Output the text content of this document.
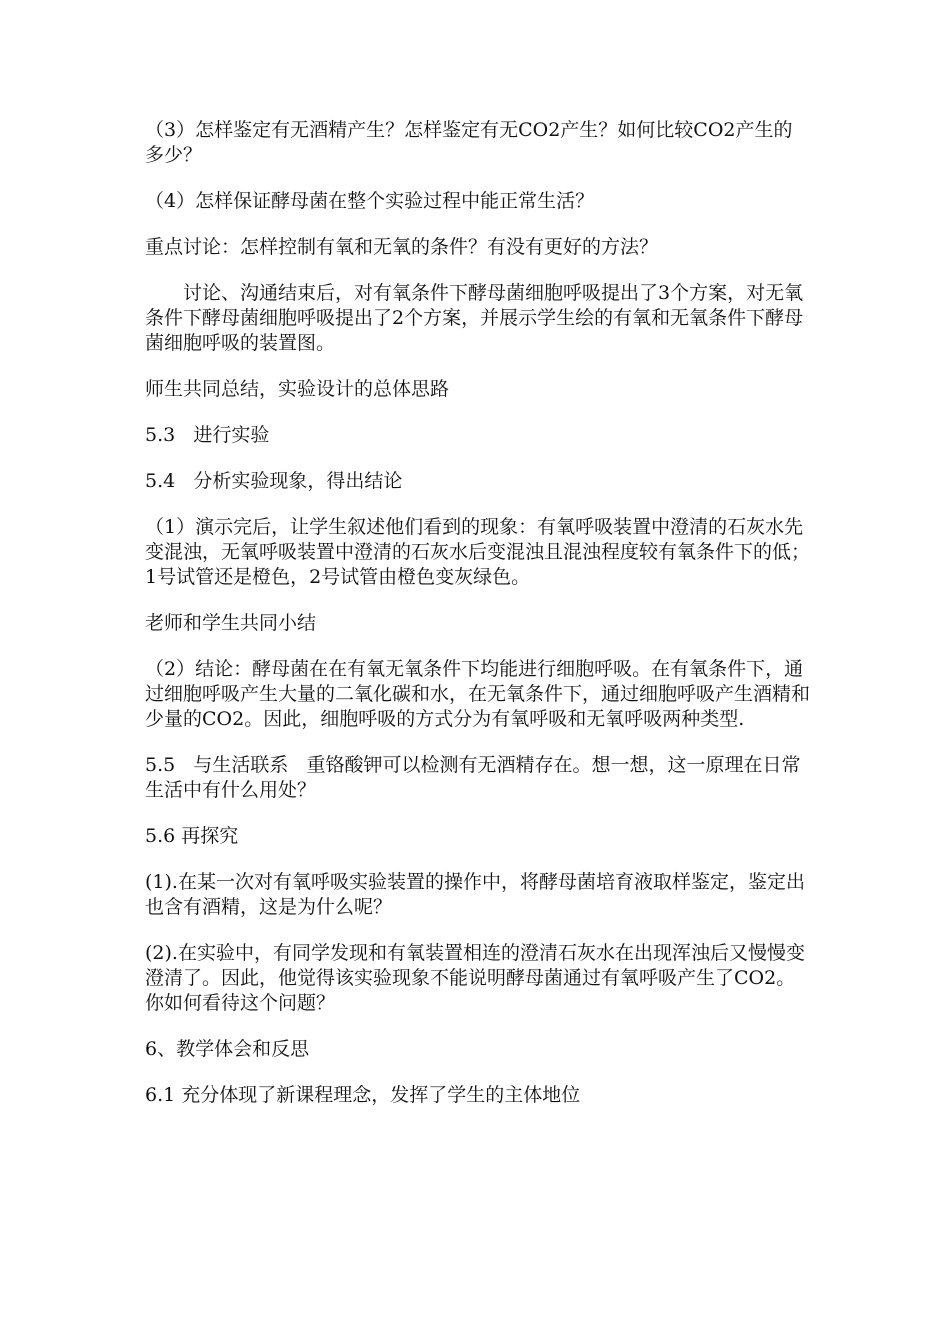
（3）怎样鉴定有无酒精产生？怎样鉴定有无CO2产生？如何比较CO2产生的多少？

（4）怎样保证酵母菌在整个实验过程中能正常生活？

重点讨论：怎样控制有氧和无氧的条件？有没有更好的方法？

讨论、沟通结束后，对有氧条件下酵母菌细胞呼吸提出了3个方案，对无氧条件下酵母菌细胞呼吸提出了2个方案，并展示学生绘的有氧和无氧条件下酵母菌细胞呼吸的装置图。

师生共同总结，实验设计的总体思路

5.3   进行实验

5.4   分析实验现象，得出结论

（1）演示完后，让学生叙述他们看到的现象：有氧呼吸装置中澄清的石灰水先变混浊，无氧呼吸装置中澄清的石灰水后变混浊且混浊程度较有氧条件下的低；1号试管还是橙色，2号试管由橙色变灰绿色。

老师和学生共同小结

（2）结论：酵母菌在在有氧无氧条件下均能进行细胞呼吸。在有氧条件下，通过细胞呼吸产生大量的二氧化碳和水，在无氧条件下，通过细胞呼吸产生酒精和少量的CO2。因此，细胞呼吸的方式分为有氧呼吸和无氧呼吸两种类型.

5.5   与生活联系   重铬酸钾可以检测有无酒精存在。想一想，这一原理在日常生活中有什么用处？

5.6 再探究

(1).在某一次对有氧呼吸实验装置的操作中，将酵母菌培育液取样鉴定，鉴定出也含有酒精，这是为什么呢？

(2).在实验中，有同学发现和有氧装置相连的澄清石灰水在出现浑浊后又慢慢变澄清了。因此，他觉得该实验现象不能说明酵母菌通过有氧呼吸产生了CO2。你如何看待这个问题？

6、教学体会和反思

6.1 充分体现了新课程理念，发挥了学生的主体地位
